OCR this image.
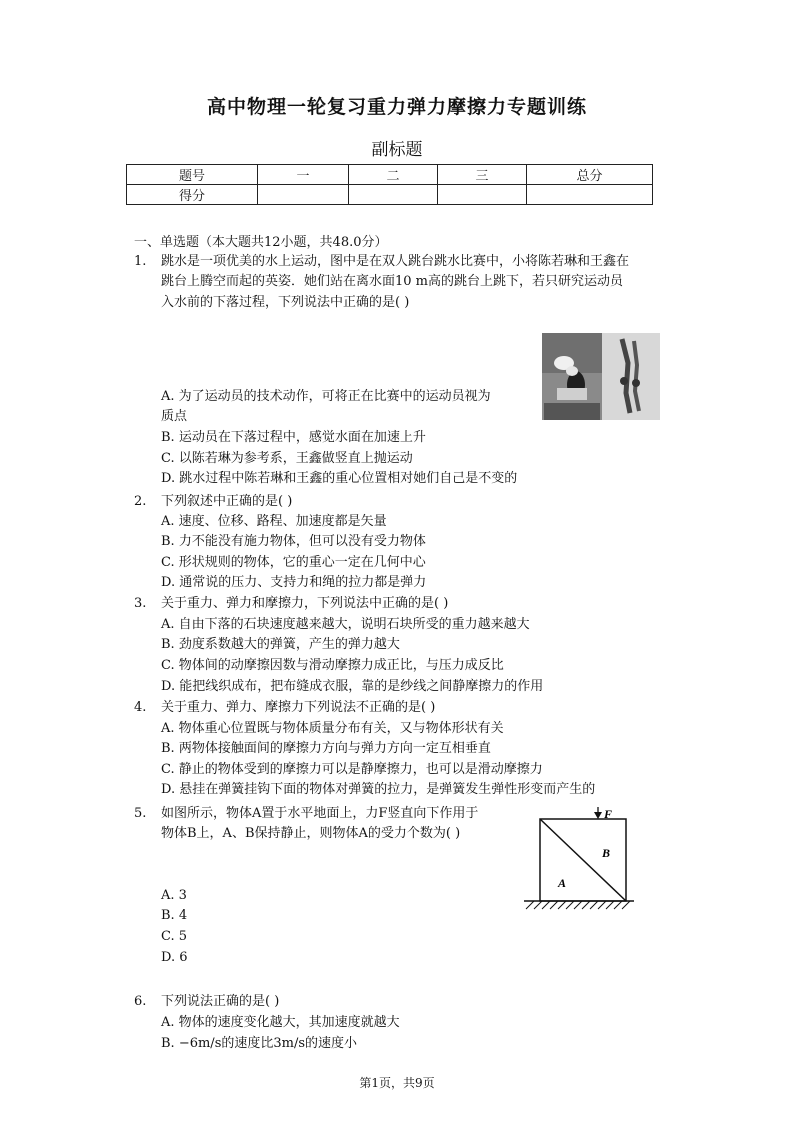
高中物理一轮复习重力弹力摩擦力专题训练
副标题
题号	一	二	三	总分
得分				
一、单选题（本大题共12小题，共48.0分）
1. 跳水是一项优美的水上运动，图中是在双人跳台跳水比赛中，小将陈若琳和王鑫在
跳台上腾空而起的英姿．她们站在离水面10 m高的跳台上跳下，若只研究运动员
入水前的下落过程，下列说法中正确的是( )
A. 为了运动员的技术动作，可将正在比赛中的运动员视为
质点
B. 运动员在下落过程中，感觉水面在加速上升
C. 以陈若琳为参考系，王鑫做竖直上抛运动
D. 跳水过程中陈若琳和王鑫的重心位置相对她们自己是不变的
2. 下列叙述中正确的是( )
A. 速度、位移、路程、加速度都是矢量
B. 力不能没有施力物体，但可以没有受力物体
C. 形状规则的物体，它的重心一定在几何中心
D. 通常说的压力、支持力和绳的拉力都是弹力
3. 关于重力、弹力和摩擦力，下列说法中正确的是( )
A. 自由下落的石块速度越来越大，说明石块所受的重力越来越大
B. 劲度系数越大的弹簧，产生的弹力越大
C. 物体间的动摩擦因数与滑动摩擦力成正比，与压力成反比
D. 能把线织成布，把布缝成衣服，靠的是纱线之间静摩擦力的作用
4. 关于重力、弹力、摩擦力下列说法不正确的是( )
A. 物体重心位置既与物体质量分布有关，又与物体形状有关
B. 两物体接触面间的摩擦力方向与弹力方向一定互相垂直
C. 静止的物体受到的摩擦力可以是静摩擦力，也可以是滑动摩擦力
D. 悬挂在弹簧挂钩下面的物体对弹簧的拉力，是弹簧发生弹性形变而产生的
5. 如图所示，物体A置于水平地面上，力F竖直向下作用于
物体B上，A、B保持静止，则物体A的受力个数为( )
A. 3
B. 4
C. 5
D. 6
F
B
A
6. 下列说法正确的是( )
A. 物体的速度变化越大，其加速度就越大
B. −6m/s的速度比3m/s的速度小
第1页，共9页
